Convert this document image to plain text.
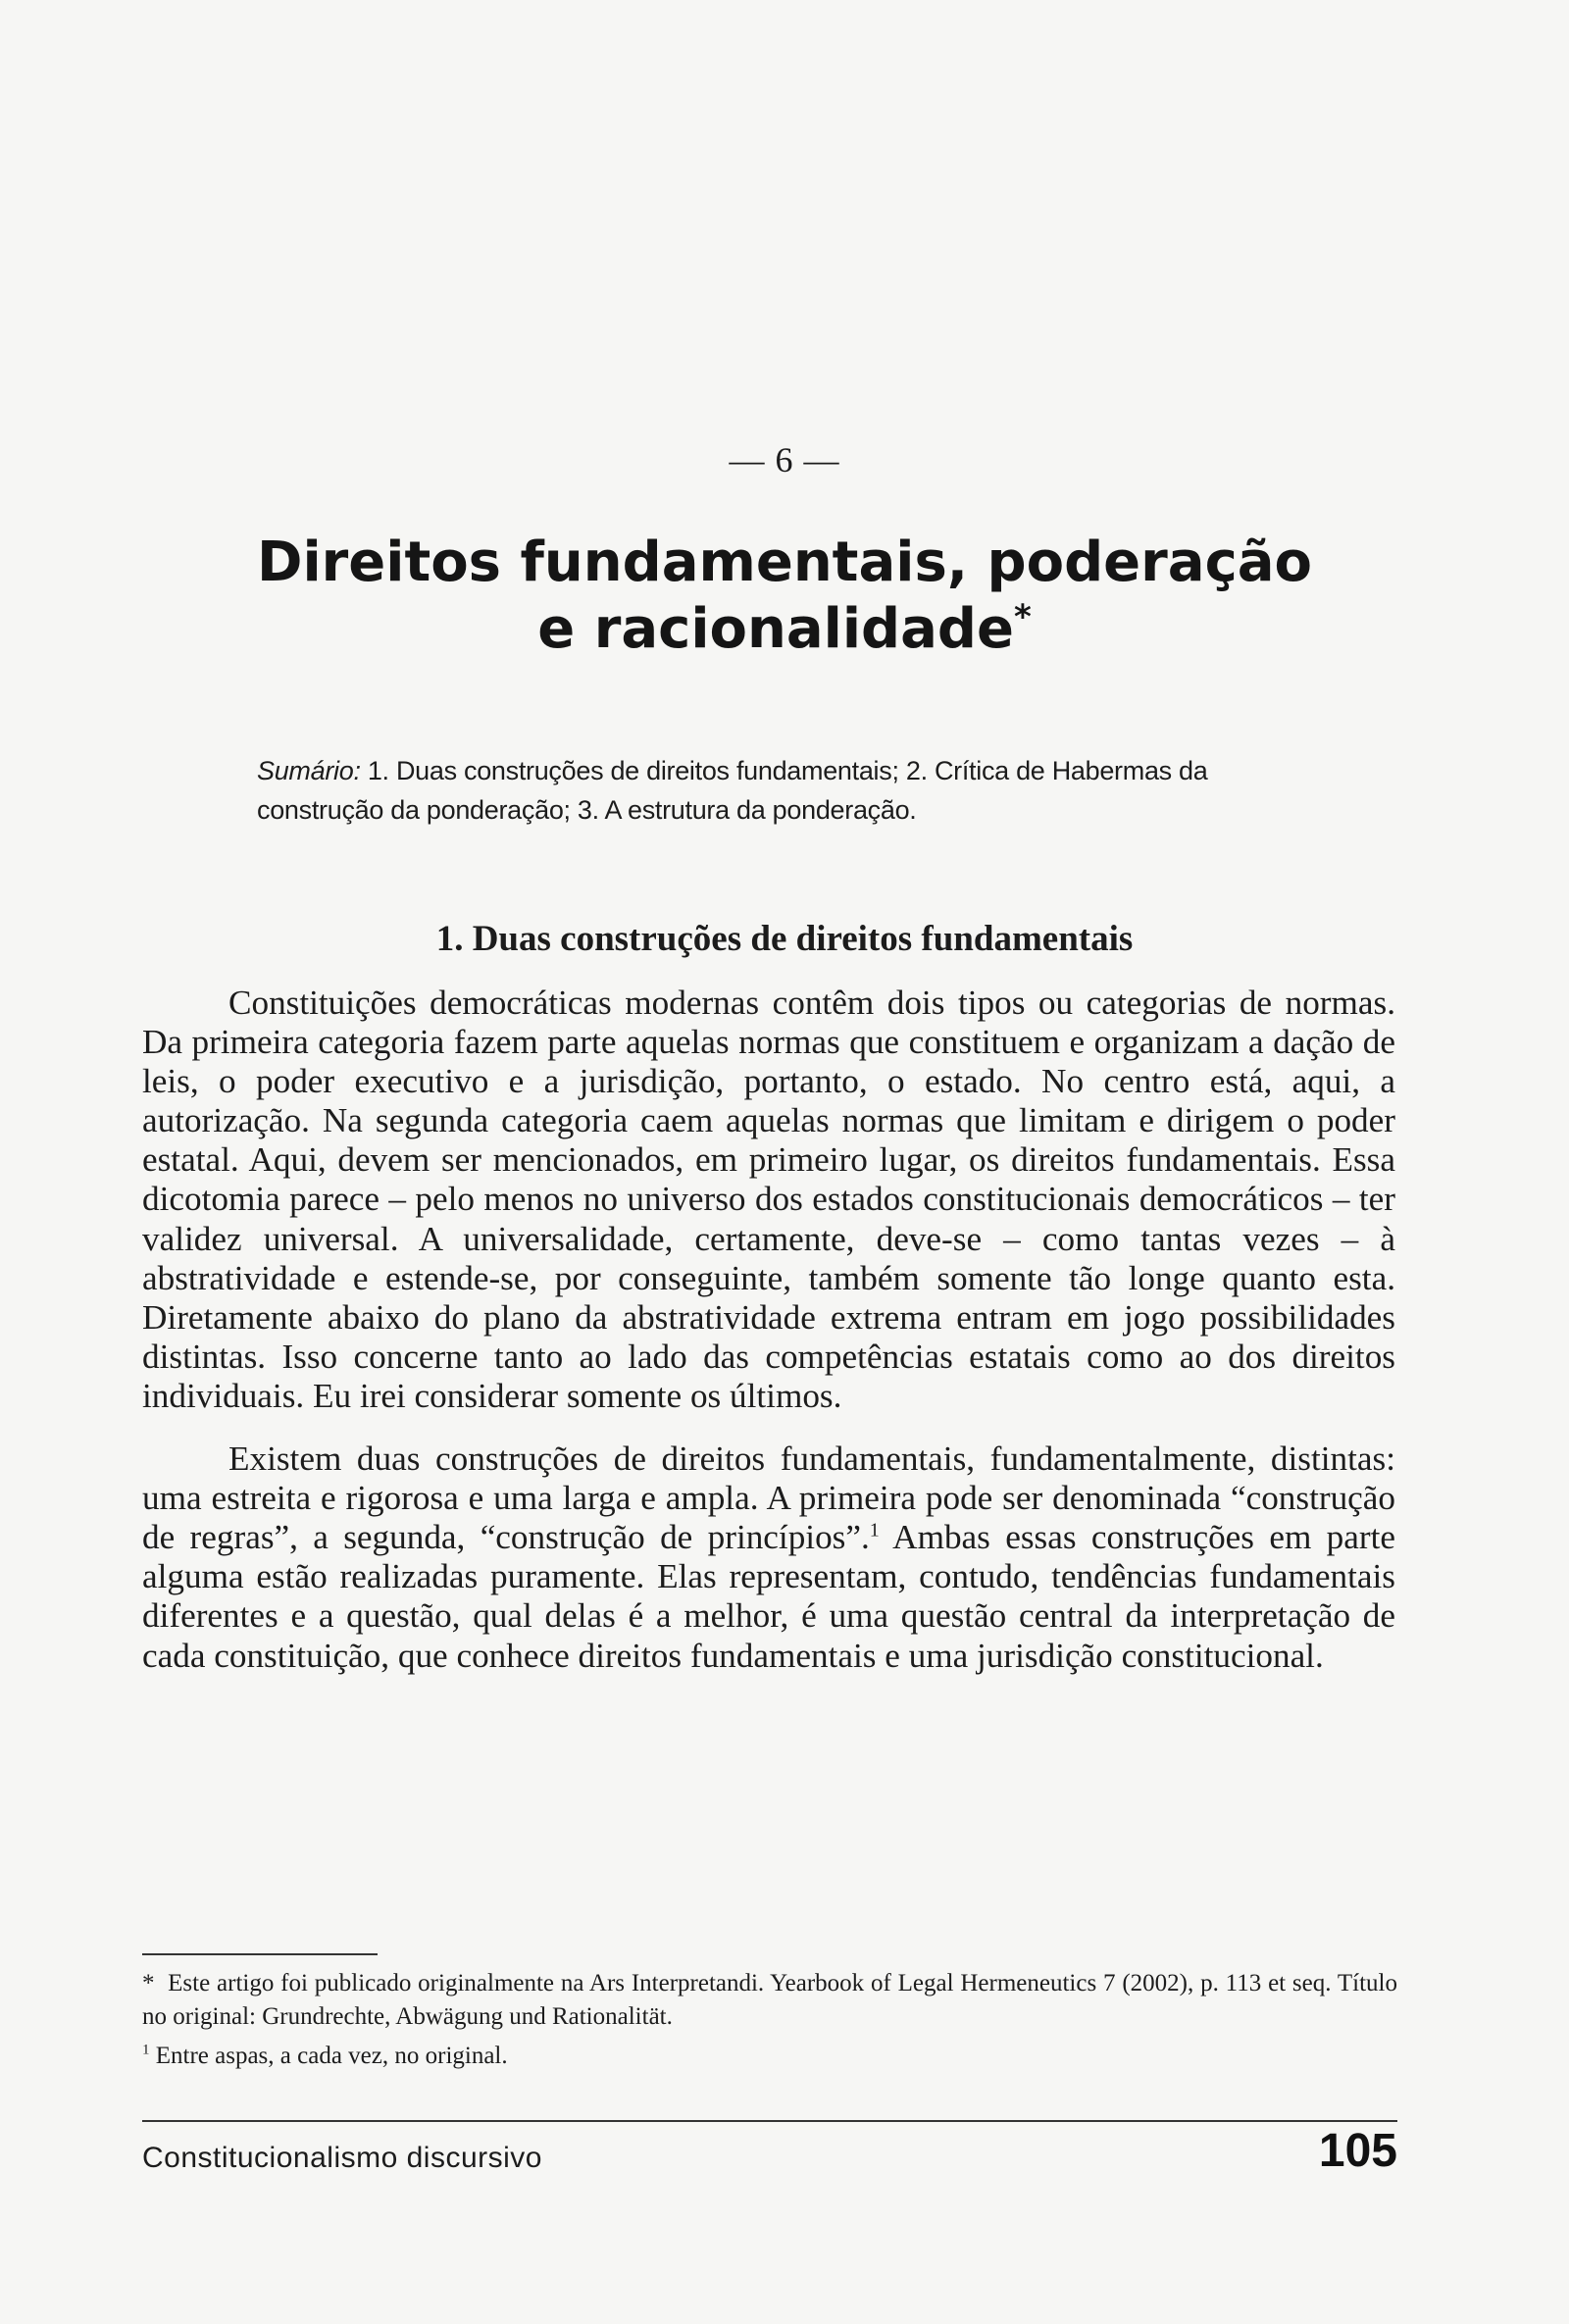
— 6 —
Direitos fundamentais, poderação
e racionalidade*
Sumário: 1. Duas construções de direitos fundamentais; 2. Crítica de Habermas da construção da ponderação; 3. A estrutura da ponderação.
1. Duas construções de direitos fundamentais

Constituições democráticas modernas contêm dois tipos ou categorias de normas. Da primeira categoria fazem parte aquelas normas que constituem e organizam a dação de leis, o poder executivo e a jurisdição, portanto, o estado. No centro está, aqui, a autorização. Na segunda categoria caem aquelas normas que limitam e dirigem o poder estatal. Aqui, devem ser mencionados, em primeiro lugar, os direitos fundamentais. Essa dicotomia parece – pelo menos no universo dos estados constitucionais democráticos – ter validez universal. A universalidade, certamente, deve-se – como tantas vezes – à abstratividade e estende-se, por conseguinte, também somente tão longe quanto esta. Diretamente abaixo do plano da abstratividade extrema entram em jogo possibilidades distintas. Isso concerne tanto ao lado das competências estatais como ao dos direitos individuais. Eu irei considerar somente os últimos.

Existem duas construções de direitos fundamentais, fundamentalmente, distintas: uma estreita e rigorosa e uma larga e ampla. A primeira pode ser denominada “construção de regras”, a segunda, “construção de princípios”.$^1$ Ambas essas construções em parte alguma estão realizadas puramente. Elas representam, contudo, tendências fundamentais diferentes e a questão, qual delas é a melhor, é uma questão central da interpretação de cada constituição, que conhece direitos fundamentais e uma jurisdição constitucional.

* Este artigo foi publicado originalmente na Ars Interpretandi. Yearbook of Legal Hermeneutics 7 (2002), p. 113 et seq. Título no original: Grundrechte, Abwägung und Rationalität.

$^1$ Entre aspas, a cada vez, no original.

Constitucionalismo discursivo	105
